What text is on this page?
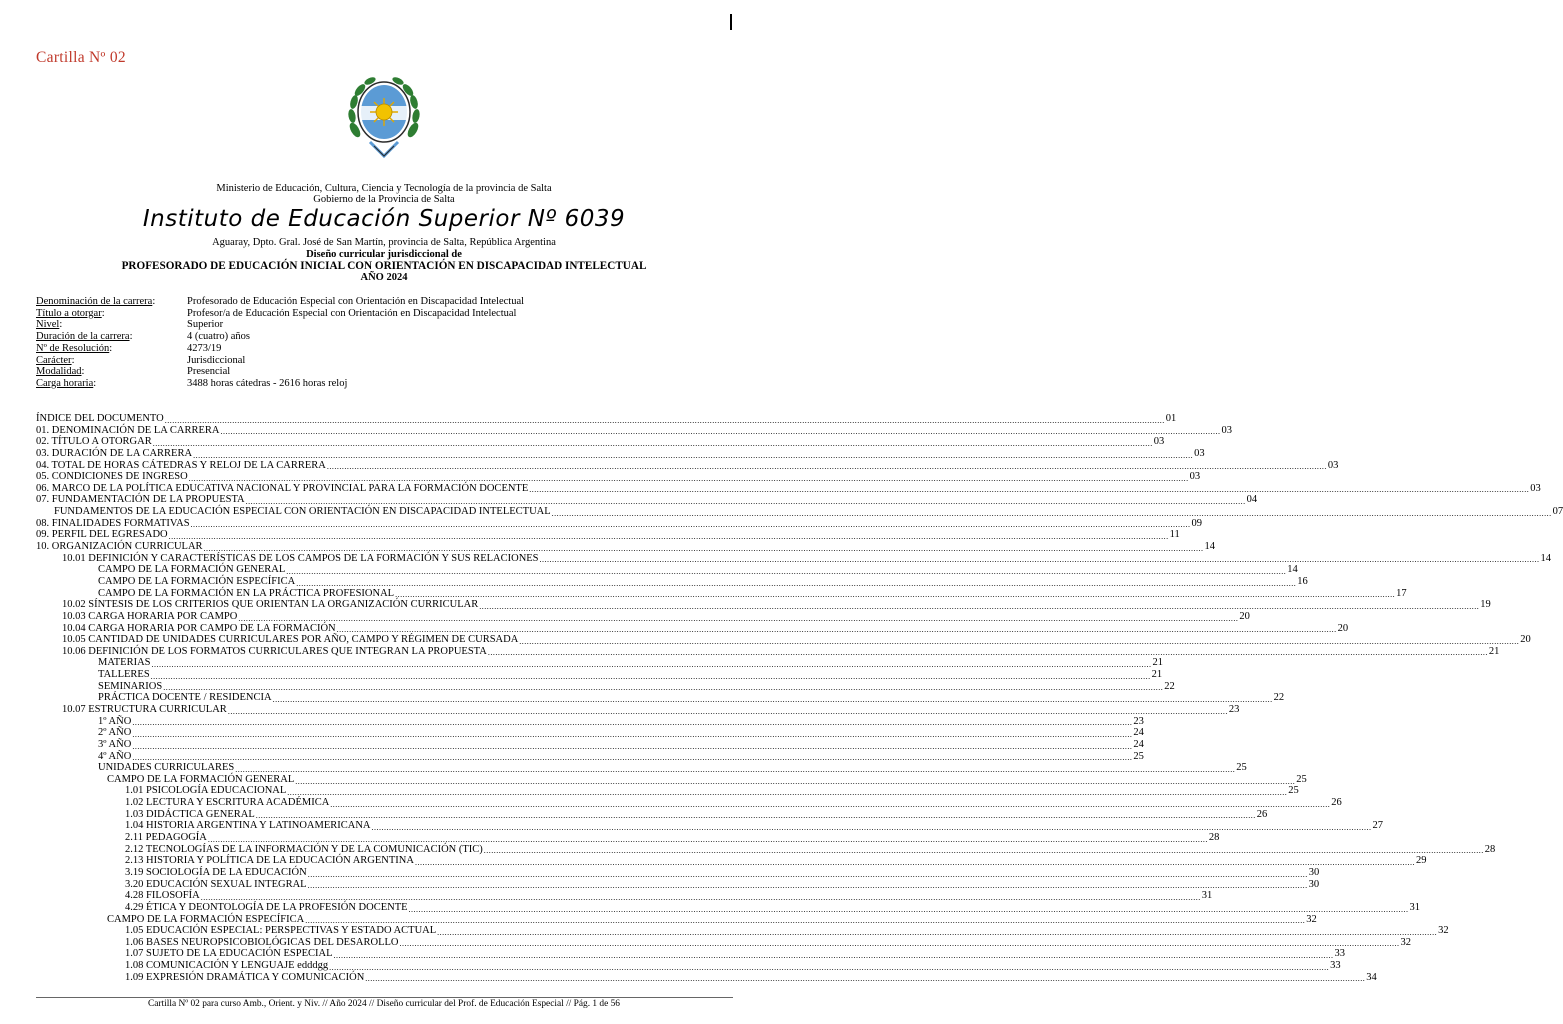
Cartilla Nº 02
Ministerio de Educación, Cultura, Ciencia y Tecnología de la provincia de Salta
Gobierno de la Provincia de Salta
Instituto de Educación Superior Nº 6039
Aguaray, Dpto. Gral. José de San Martín, provincia de Salta, República Argentina
Diseño curricular jurisdiccional de
PROFESORADO DE EDUCACIÓN INICIAL CON ORIENTACIÓN EN DISCAPACIDAD INTELECTUAL
AÑO 2024
Denominación de la carrera:	Profesorado de Educación Especial con Orientación en Discapacidad Intelectual
Título a otorgar:	Profesor/a de Educación Especial con Orientación en Discapacidad Intelectual
Nivel:	Superior
Duración de la carrera:	4 (cuatro) años
Nº de Resolución:	4273/19
Carácter:	Jurisdiccional
Modalidad:	Presencial
Carga horaria:	3488 horas cátedras - 2616 horas reloj
ÍNDICE DEL DOCUMENTO ................................................................................................................................................................................................................................................................................................................................................................................................................ 01
01. DENOMINACIÓN DE LA CARRERA ................................................................................................................................................................................................................................................................................................................................................................................................................ 03
02. TÍTULO A OTORGAR ................................................................................................................................................................................................................................................................................................................................................................................................................ 03
03. DURACIÓN DE LA CARRERA ................................................................................................................................................................................................................................................................................................................................................................................................................ 03
04. TOTAL DE HORAS CÁTEDRAS Y RELOJ DE LA CARRERA ................................................................................................................................................................................................................................................................................................................................................................................................................ 03
05. CONDICIONES DE INGRESO ................................................................................................................................................................................................................................................................................................................................................................................................................ 03
06. MARCO DE LA POLÍTICA EDUCATIVA NACIONAL Y PROVINCIAL PARA LA FORMACIÓN DOCENTE ................................................................................................................................................................................................................................................................................................................................................................................................................ 03
07. FUNDAMENTACIÓN DE LA PROPUESTA ................................................................................................................................................................................................................................................................................................................................................................................................................ 04
FUNDAMENTOS DE LA EDUCACIÓN ESPECIAL CON ORIENTACIÓN EN DISCAPACIDAD INTELECTUAL ................................................................................................................................................................................................................................................................................................................................................................................................................ 07
08. FINALIDADES FORMATIVAS ................................................................................................................................................................................................................................................................................................................................................................................................................ 09
09. PERFIL DEL EGRESADO ................................................................................................................................................................................................................................................................................................................................................................................................................ 11
10. ORGANIZACIÓN CURRICULAR ................................................................................................................................................................................................................................................................................................................................................................................................................ 14
10.01 DEFINICIÓN Y CARACTERÍSTICAS DE LOS CAMPOS DE LA FORMACIÓN Y SUS RELACIONES ................................................................................................................................................................................................................................................................................................................................................................................................................ 14
CAMPO DE LA FORMACIÓN GENERAL ................................................................................................................................................................................................................................................................................................................................................................................................................ 14
CAMPO DE LA FORMACIÓN ESPECÍFICA ................................................................................................................................................................................................................................................................................................................................................................................................................ 16
CAMPO DE LA FORMACIÓN EN LA PRÁCTICA PROFESIONAL ................................................................................................................................................................................................................................................................................................................................................................................................................ 17
10.02 SÍNTESIS DE LOS CRITERIOS QUE ORIENTAN LA ORGANIZACIÓN CURRICULAR ................................................................................................................................................................................................................................................................................................................................................................................................................ 19
10.03 CARGA HORARIA POR CAMPO ................................................................................................................................................................................................................................................................................................................................................................................................................ 20
10.04 CARGA HORARIA POR CAMPO DE LA FORMACIÓN ................................................................................................................................................................................................................................................................................................................................................................................................................ 20
10.05 CANTIDAD DE UNIDADES CURRICULARES POR AÑO, CAMPO Y RÉGIMEN DE CURSADA ................................................................................................................................................................................................................................................................................................................................................................................................................ 20
10.06 DEFINICIÓN DE LOS FORMATOS CURRICULARES QUE INTEGRAN LA PROPUESTA ................................................................................................................................................................................................................................................................................................................................................................................................................ 21
MATERIAS ................................................................................................................................................................................................................................................................................................................................................................................................................ 21
TALLERES ................................................................................................................................................................................................................................................................................................................................................................................................................ 21
SEMINARIOS ................................................................................................................................................................................................................................................................................................................................................................................................................ 22
PRÁCTICA DOCENTE / RESIDENCIA ................................................................................................................................................................................................................................................................................................................................................................................................................ 22
10.07 ESTRUCTURA CURRICULAR ................................................................................................................................................................................................................................................................................................................................................................................................................ 23
1º AÑO ................................................................................................................................................................................................................................................................................................................................................................................................................ 23
2º AÑO ................................................................................................................................................................................................................................................................................................................................................................................................................ 24
3º AÑO ................................................................................................................................................................................................................................................................................................................................................................................................................ 24
4º AÑO ................................................................................................................................................................................................................................................................................................................................................................................................................ 25
UNIDADES CURRICULARES ................................................................................................................................................................................................................................................................................................................................................................................................................ 25
CAMPO DE LA FORMACIÓN GENERAL ................................................................................................................................................................................................................................................................................................................................................................................................................ 25
1.01 PSICOLOGÍA EDUCACIONAL ................................................................................................................................................................................................................................................................................................................................................................................................................ 25
1.02 LECTURA Y ESCRITURA ACADÉMICA ................................................................................................................................................................................................................................................................................................................................................................................................................ 26
1.03 DIDÁCTICA GENERAL ................................................................................................................................................................................................................................................................................................................................................................................................................ 26
1.04 HISTORIA ARGENTINA Y LATINOAMERICANA ................................................................................................................................................................................................................................................................................................................................................................................................................ 27
2.11 PEDAGOGÍA ................................................................................................................................................................................................................................................................................................................................................................................................................ 28
2.12 TECNOLOGÍAS DE LA INFORMACIÓN Y DE LA COMUNICACIÓN (TIC) ................................................................................................................................................................................................................................................................................................................................................................................................................ 28
2.13 HISTORIA Y POLÍTICA DE LA EDUCACIÓN ARGENTINA ................................................................................................................................................................................................................................................................................................................................................................................................................ 29
3.19 SOCIOLOGÍA DE LA EDUCACIÓN ................................................................................................................................................................................................................................................................................................................................................................................................................ 30
3.20 EDUCACIÓN SEXUAL INTEGRAL ................................................................................................................................................................................................................................................................................................................................................................................................................ 30
4.28 FILOSOFÍA ................................................................................................................................................................................................................................................................................................................................................................................................................ 31
4.29 ÉTICA Y DEONTOLOGÍA DE LA PROFESIÓN DOCENTE ................................................................................................................................................................................................................................................................................................................................................................................................................ 31
CAMPO DE LA FORMACIÓN ESPECÍFICA ................................................................................................................................................................................................................................................................................................................................................................................................................ 32
1.05 EDUCACIÓN ESPECIAL: PERSPECTIVAS Y ESTADO ACTUAL ................................................................................................................................................................................................................................................................................................................................................................................................................ 32
1.06 BASES NEUROPSICOBIOLÓGICAS DEL DESAROLLO ................................................................................................................................................................................................................................................................................................................................................................................................................ 32
1.07 SUJETO DE LA EDUCACIÓN ESPECIAL ................................................................................................................................................................................................................................................................................................................................................................................................................ 33
1.08 COMUNICACIÓN Y LENGUAJE edddgg ................................................................................................................................................................................................................................................................................................................................................................................................................ 33
1.09 EXPRESIÓN DRAMÁTICA Y COMUNICACIÓN ................................................................................................................................................................................................................................................................................................................................................................................................................ 34
Cartilla Nº 02 para curso Amb., Orient. y Niv. // Año 2024 // Diseño curricular del Prof. de Educación Especial // Pág. 1 de 56
